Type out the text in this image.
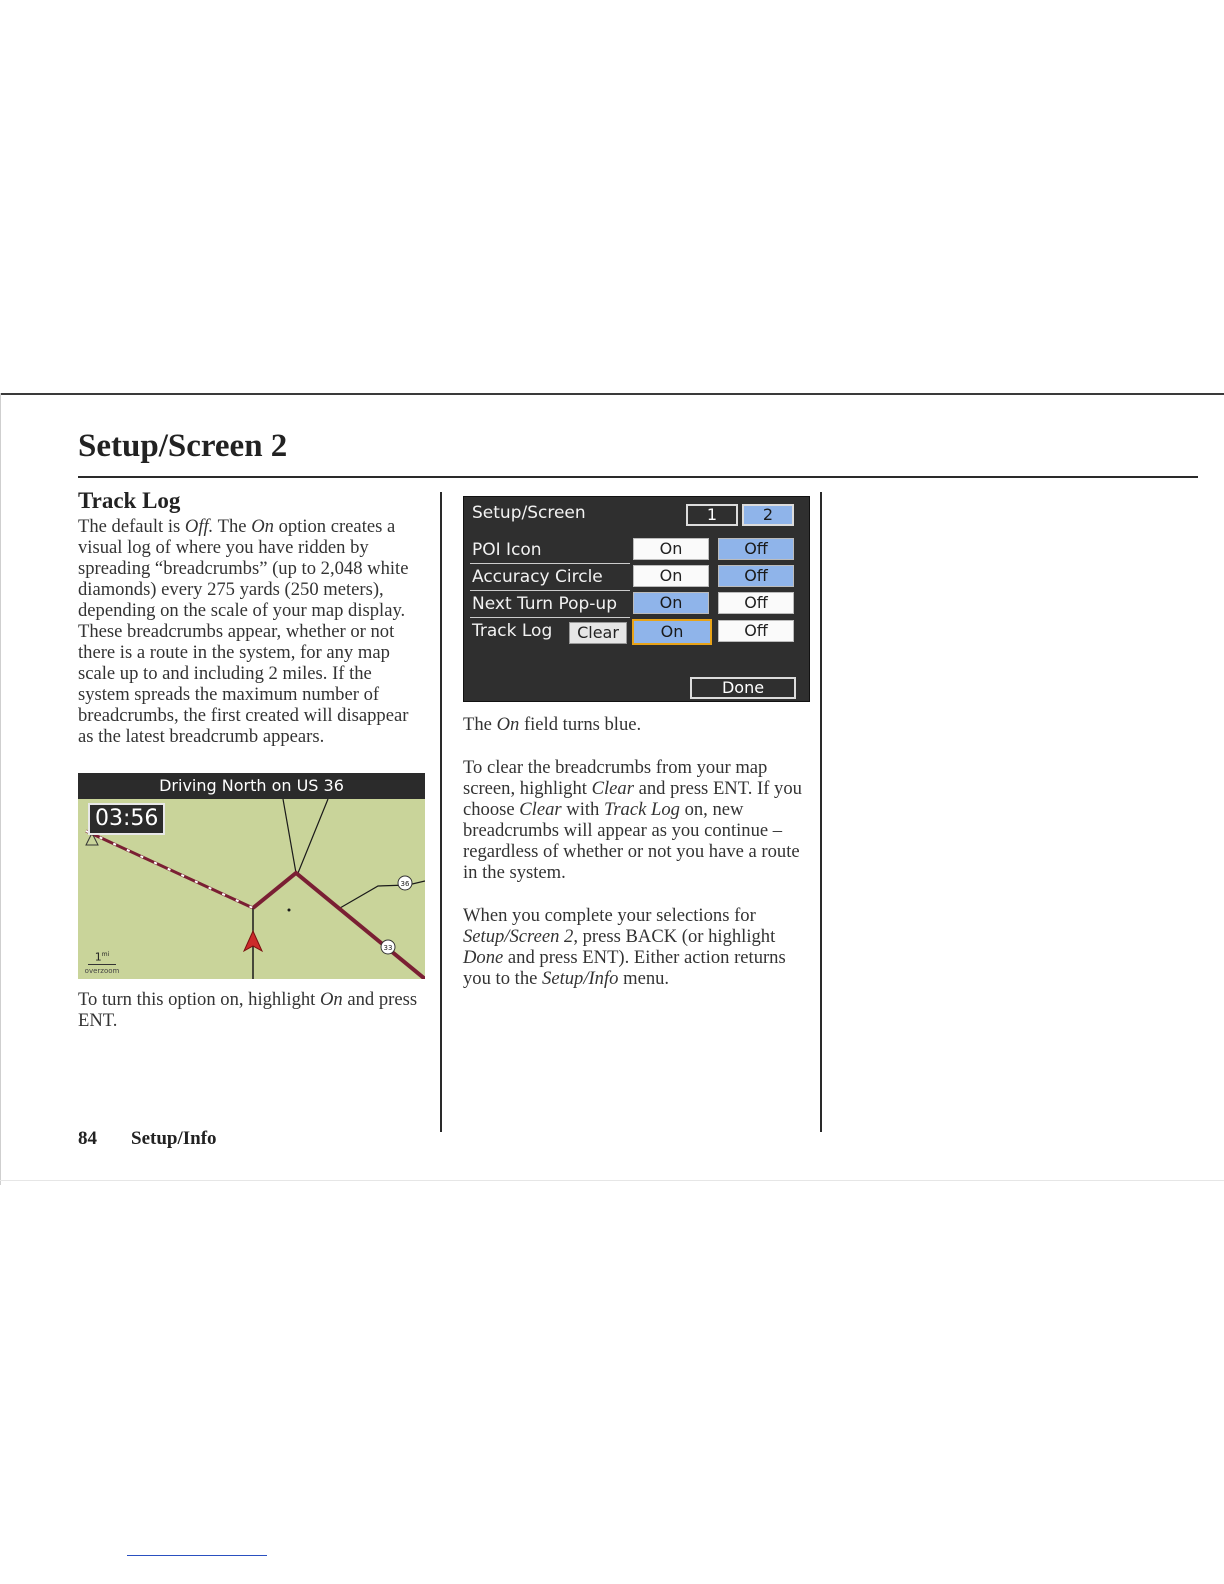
Setup/Screen 2
Track Log

The default is Off. The On option creates a visual log of where you have ridden by spreading “breadcrumbs” (up to 2,048 white diamonds) every 275 yards (250 meters), depending on the scale of your map display. These breadcrumbs appear, whether or not there is a route in the system, for any map scale up to and including 2 miles. If the system spreads the maximum number of breadcrumbs, the first created will disappear as the latest breadcrumb appears.

36
33
Driving North on US 36
03:56
$1^{mi}$
overzoom

To turn this option on, highlight On and press ENT.

Setup/Screen	1	2
POI Icon	On	Off
Accuracy Circle	On	Off
Next Turn Pop-up	On	Off
Track Log	Clear	On	Off
Done

The On field turns blue.

To clear the breadcrumbs from your map screen, highlight Clear and press ENT. If you choose Clear with Track Log on, new breadcrumbs will appear as you continue – regardless of whether or not you have a route in the system.

When you complete your selections for Setup/Screen 2, press BACK (or highlight Done and press ENT). Either action returns you to the Setup/Info menu.

84 Setup/Info
